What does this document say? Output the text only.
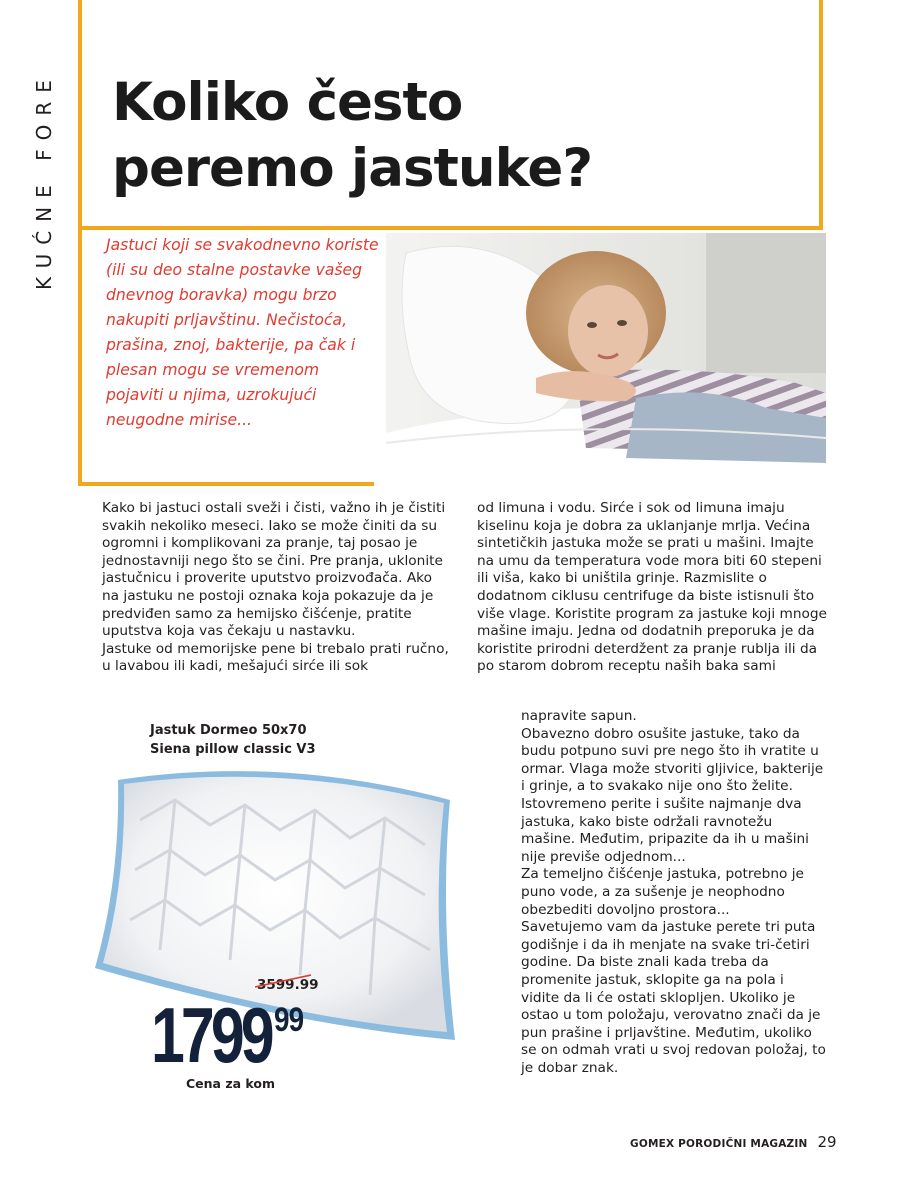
KUĆNE FORE Koliko često
peremo jastuke?

Jastuci koji se svakodnevno koriste (ili su deo stalne postavke vašeg dnevnog boravka) mogu brzo nakupiti prljavštinu. Nečistoća, prašina, znoj, bakterije, pa čak i plesan mogu se vremenom pojaviti u njima, uzrokujući neugodne mirise...

Kako bi jastuci ostali sveži i čisti, važno ih je čistiti svakih nekoliko meseci. Iako se može činiti da su ogromni i komplikovani za pranje, taj posao je jednostavniji nego što se čini. Pre pranja, uklonite jastučnicu i proverite uputstvo proizvođača. Ako na jastuku ne postoji oznaka koja pokazuje da je predviđen samo za hemijsko čišćenje, pratite uputstva koja vas čekaju u nastavku.

Jastuke od memorijske pene bi trebalo prati ručno, u lavabou ili kadi, mešajući sirće ili sok

od limuna i vodu. Sirće i sok od limuna imaju kiselinu koja je dobra za uklanjanje mrlja. Većina sintetičkih jastuka može se prati u mašini. Imajte na umu da temperatura vode mora biti 60 stepeni ili viša, kako bi uništila grinje. Razmislite o dodatnom ciklusu centrifuge da biste istisnuli što više vlage. Koristite program za jastuke koji mnoge mašine imaju. Jedna od dodatnih preporuka je da koristite prirodni deterdžent za pranje rublja ili da po starom dobrom receptu naših baka sami

napravite sapun.

Obavezno dobro osušite jastuke, tako da budu potpuno suvi pre nego što ih vratite u ormar. Vlaga može stvoriti gljivice, bakterije i grinje, a to svakako nije ono što želite. Istovremeno perite i sušite najmanje dva jastuka, kako biste održali ravnotežu mašine. Međutim, pripazite da ih u mašini nije previše odjednom...

Za temeljno čišćenje jastuka, potrebno je puno vode, a za sušenje je neophodno obezbediti dovoljno prostora...

Savetujemo vam da jastuke perete tri puta godišnje i da ih menjate na svake tri-četiri godine. Da biste znali kada treba da promenite jastuk, sklopite ga na pola i vidite da li će ostati sklopljen. Ukoliko je ostao u tom položaju, verovatno znači da je pun prašine i prljavštine. Međutim, ukoliko se on odmah vrati u svoj redovan položaj, to je dobar znak.

Jastuk Dormeo 50x70
Siena pillow classic V3
3599.99
1799 99
Cena za kom
GOMEX PORODIČNI MAGAZIN 29
